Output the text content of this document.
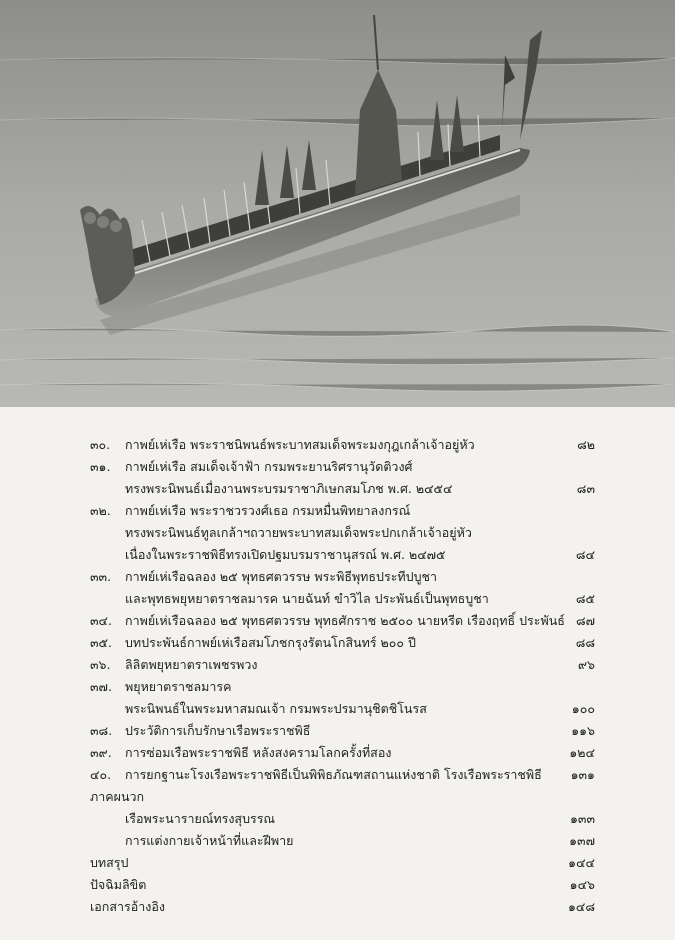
๓๐. กาพย์เห่เรือ พระราชนิพนธ์พระบาทสมเด็จพระมงกุฎเกล้าเจ้าอยู่หัว	๘๒
๓๑. กาพย์เห่เรือ สมเด็จเจ้าฟ้า กรมพระยานริศรานุวัดติวงศ์
ทรงพระนิพนธ์เมื่องานพระบรมราชาภิเษกสมโภช พ.ศ. ๒๔๕๔	๘๓
๓๒. กาพย์เห่เรือ พระราชวรวงศ์เธอ กรมหมื่นพิทยาลงกรณ์
ทรงพระนิพนธ์ทูลเกล้าฯถวายพระบาทสมเด็จพระปกเกล้าเจ้าอยู่หัว
เนื่องในพระราชพิธีทรงเปิดปฐมบรมราชานุสรณ์ พ.ศ. ๒๔๗๕	๘๔
๓๓. กาพย์เห่เรือฉลอง ๒๕ พุทธศตวรรษ พระพิธีพุทธประทีปบูชา
และพุทธพยุหยาตราชลมารค นายฉันท์ ขำวิไล ประพันธ์เป็นพุทธบูชา	๘๕
๓๔. กาพย์เห่เรือฉลอง ๒๕ พุทธศตวรรษ พุทธศักราช ๒๕๐๐ นายหรีด เรืองฤทธิ์ ประพันธ์ ๘๗
๓๕. บทประพันธ์กาพย์เห่เรือสมโภชกรุงรัตนโกสินทร์ ๒๐๐ ปี	๘๘
๓๖. ลิลิตพยุหยาตราเพชรพวง	๙๖
๓๗. พยุหยาตราชลมารค
พระนิพนธ์ในพระมหาสมณเจ้า กรมพระปรมานุชิตชิโนรส	๑๐๐
๓๘. ประวัติการเก็บรักษาเรือพระราชพิธี	๑๑๖
๓๙. การซ่อมเรือพระราชพิธี หลังสงครามโลกครั้งที่สอง	๑๒๔
๔๐. การยกฐานะโรงเรือพระราชพิธีเป็นพิพิธภัณฑสถานแห่งชาติ โรงเรือพระราชพิธี ๑๓๑
ภาคผนวก
เรือพระนารายณ์ทรงสุบรรณ	๑๓๓
การแต่งกายเจ้าหน้าที่และฝีพาย	๑๓๗
บทสรุป	๑๔๔
ปัจฉิมลิขิต	๑๔๖
เอกสารอ้างอิง	๑๔๘
